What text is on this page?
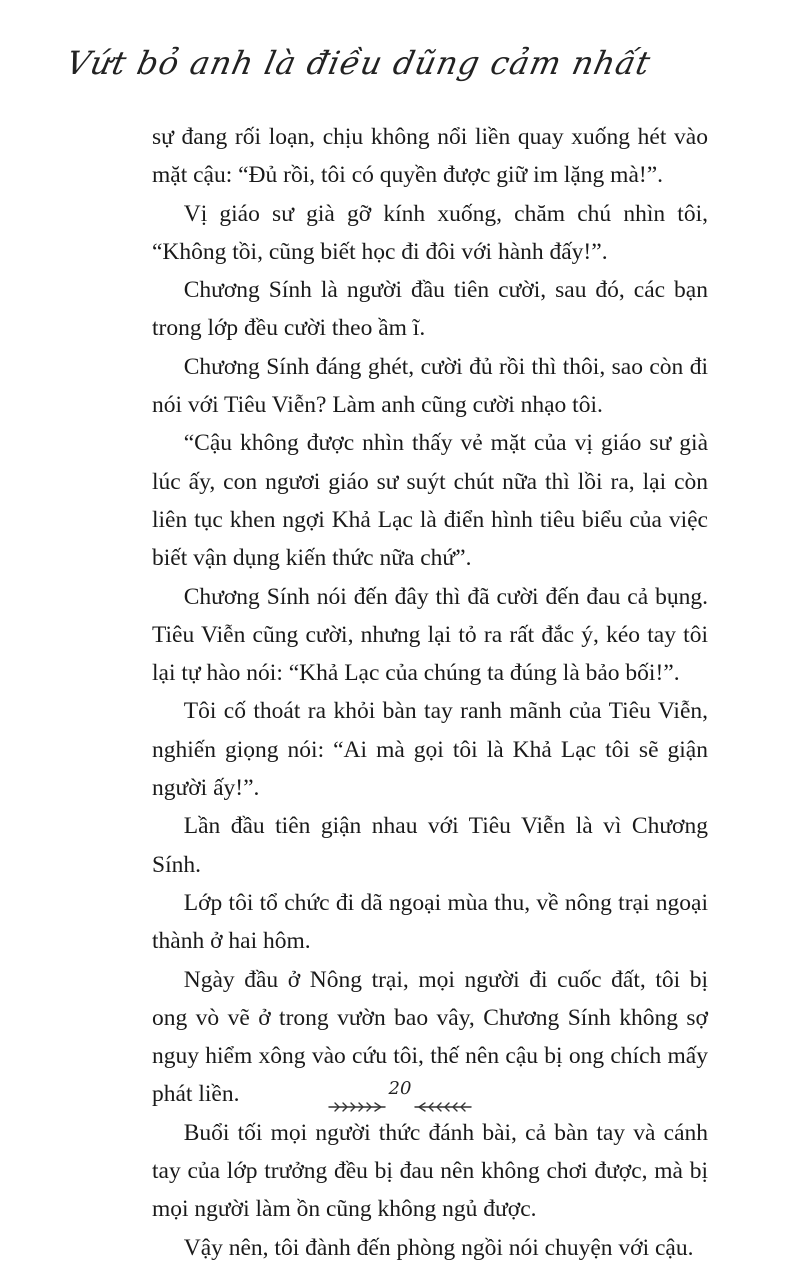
Vứt bỏ anh là điều dũng cảm nhất

sự đang rối loạn, chịu không nổi liền quay xuống hét vào mặt cậu: “Đủ rồi, tôi có quyền được giữ im lặng mà!”.

Vị giáo sư già gỡ kính xuống, chăm chú nhìn tôi, “Không tồi, cũng biết học đi đôi với hành đấy!”.

Chương Sính là người đầu tiên cười, sau đó, các bạn trong lớp đều cười theo ầm ĩ.

Chương Sính đáng ghét, cười đủ rồi thì thôi, sao còn đi nói với Tiêu Viễn? Làm anh cũng cười nhạo tôi.

“Cậu không được nhìn thấy vẻ mặt của vị giáo sư già lúc ấy, con ngươi giáo sư suýt chút nữa thì lồi ra, lại còn liên tục khen ngợi Khả Lạc là điển hình tiêu biểu của việc biết vận dụng kiến thức nữa chứ”.

Chương Sính nói đến đây thì đã cười đến đau cả bụng. Tiêu Viễn cũng cười, nhưng lại tỏ ra rất đắc ý, kéo tay tôi lại tự hào nói: “Khả Lạc của chúng ta đúng là bảo bối!”.

Tôi cố thoát ra khỏi bàn tay ranh mãnh của Tiêu Viễn, nghiến giọng nói: “Ai mà gọi tôi là Khả Lạc tôi sẽ giận người ấy!”.

Lần đầu tiên giận nhau với Tiêu Viễn là vì Chương Sính.

Lớp tôi tổ chức đi dã ngoại mùa thu, về nông trại ngoại thành ở hai hôm.

Ngày đầu ở Nông trại, mọi người đi cuốc đất, tôi bị ong vò vẽ ở trong vườn bao vây, Chương Sính không sợ nguy hiểm xông vào cứu tôi, thế nên cậu bị ong chích mấy phát liền.

Buổi tối mọi người thức đánh bài, cả bàn tay và cánh tay của lớp trưởng đều bị đau nên không chơi được, mà bị mọi người làm ồn cũng không ngủ được.

Vậy nên, tôi đành đến phòng ngồi nói chuyện với cậu.

20
